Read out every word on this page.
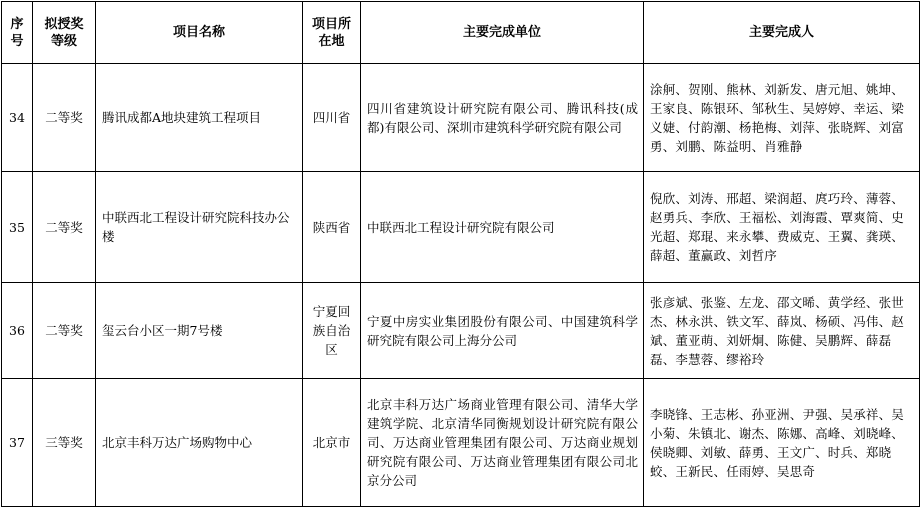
序号	拟授奖等级	项目名称	项目所在地	主要完成单位	主要完成人
34	二等奖	腾讯成都A地块建筑工程项目	四川省	四川省建筑设计研究院有限公司、腾讯科技(成都)有限公司、深圳市建筑科学研究院有限公司	涂舸、贺刚、熊林、刘新发、唐元旭、姚坤、王家良、陈银环、邹秋生、吴婷婷、幸运、梁义婕、付韵潮、杨艳梅、刘萍、张晓辉、刘富勇、刘鹏、陈益明、肖雅静
35	二等奖	中联西北工程设计研究院科技办公楼	陕西省	中联西北工程设计研究院有限公司	倪欣、刘涛、邢超、梁润超、庹巧玲、薄蓉、赵勇兵、李欣、王福松、刘海霞、覃爽简、史光超、郑琨、来永攀、费威克、王翼、龚瑛、薛超、董赢政、刘哲序
36	二等奖	玺云台小区一期7号楼	宁夏回族自治区	宁夏中房实业集团股份有限公司、中国建筑科学研究院有限公司上海分公司	张彦斌、张鉴、左龙、邵文晞、黄学经、张世杰、林永洪、铁文军、薛岚、杨硕、冯伟、赵斌、董亚萌、刘妍炯、陈健、吴鹏辉、薛磊磊、李慧蓉、缪裕玲
37	三等奖	北京丰科万达广场购物中心	北京市	北京丰科万达广场商业管理有限公司、清华大学建筑学院、北京清华同衡规划设计研究院有限公司、万达商业管理集团有限公司、万达商业规划研究院有限公司、万达商业管理集团有限公司北京分公司	李晓锋、王志彬、孙亚洲、尹强、吴承祥、吴小菊、朱镇北、谢杰、陈娜、高峰、刘晓峰、侯晓卿、刘敏、薛勇、王文广、时兵、郑晓蛟、王新民、任雨婷、吴思奇
